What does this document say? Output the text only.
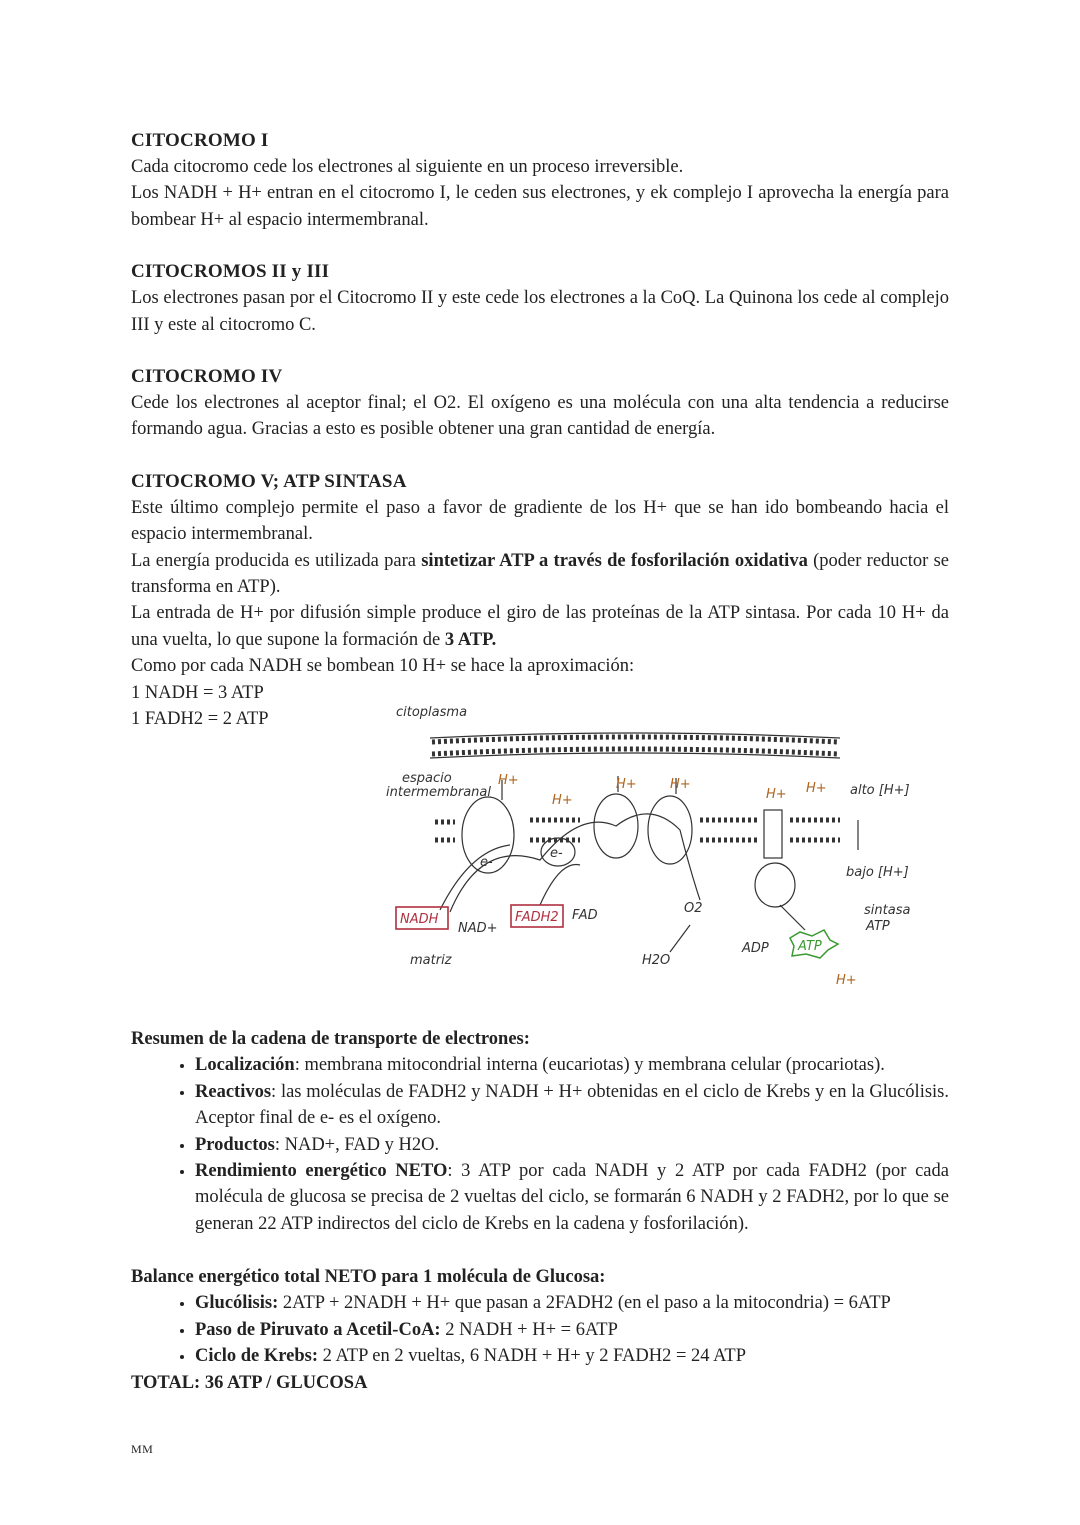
CITOCROMO I

Cada citocromo cede los electrones al siguiente en un proceso irreversible.

Los NADH + H+ entran en el citocromo I, le ceden sus electrones, y ek complejo I aprovecha la energía para bombear H+ al espacio intermembranal.

CITOCROMOS II y III

Los electrones pasan por el Citocromo II y este cede los electrones a la CoQ. La Quinona los cede al complejo III y este al citocromo C.

CITOCROMO IV

Cede los electrones al aceptor final; el O2. El oxígeno es una molécula con una alta tendencia a reducirse formando agua. Gracias a esto es posible obtener una gran cantidad de energía.

CITOCROMO V; ATP SINTASA

Este último complejo permite el paso a favor de gradiente de los H+ que se han ido bombeando hacia el espacio intermembranal.

La energía producida es utilizada para sintetizar ATP a través de fosforilación oxidativa (poder reductor se transforma en ATP).

La entrada de H+ por difusión simple produce el giro de las proteínas de la ATP sintasa. Por cada 10 H+ da una vuelta, lo que supone la formación de 3 ATP.

Como por cada NADH se bombean 10 H+ se hace la aproximación:

1 NADH = 3 ATP
1 FADH2 = 2 ATP	citoplasma
espacio
intermembranal	alto [H+]
bajo [H+]
e-
e-
NADH
NAD+
FADH2 FAD	O2
H2O
ADP ATP
sintasa
ATP
matriz
H+
H+
H+	H+
H+ H+
H+
Resumen de la cadena de transporte de electrones:
• Localización: membrana mitocondrial interna (eucariotas) y membrana celular (procariotas).
• Reactivos: las moléculas de FADH2 y NADH + H+ obtenidas en el ciclo de Krebs y en la Glucólisis. Aceptor final de e- es el oxígeno.
• Productos: NAD+, FAD y H2O.
• Rendimiento energético NETO: 3 ATP por cada NADH y 2 ATP por cada FADH2 (por cada molécula de glucosa se precisa de 2 vueltas del ciclo, se formarán 6 NADH y 2 FADH2, por lo que se generan 22 ATP indirectos del ciclo de Krebs en la cadena y fosforilación).
Balance energético total NETO para 1 molécula de Glucosa:
• Glucólisis: 2ATP + 2NADH + H+ que pasan a 2FADH2 (en el paso a la mitocondria) = 6ATP
• Paso de Piruvato a Acetil-CoA: 2 NADH + H+ = 6ATP
• Ciclo de Krebs: 2 ATP en 2 vueltas, 6 NADH + H+ y 2 FADH2 = 24 ATP
TOTAL: 36 ATP / GLUCOSA
MM
